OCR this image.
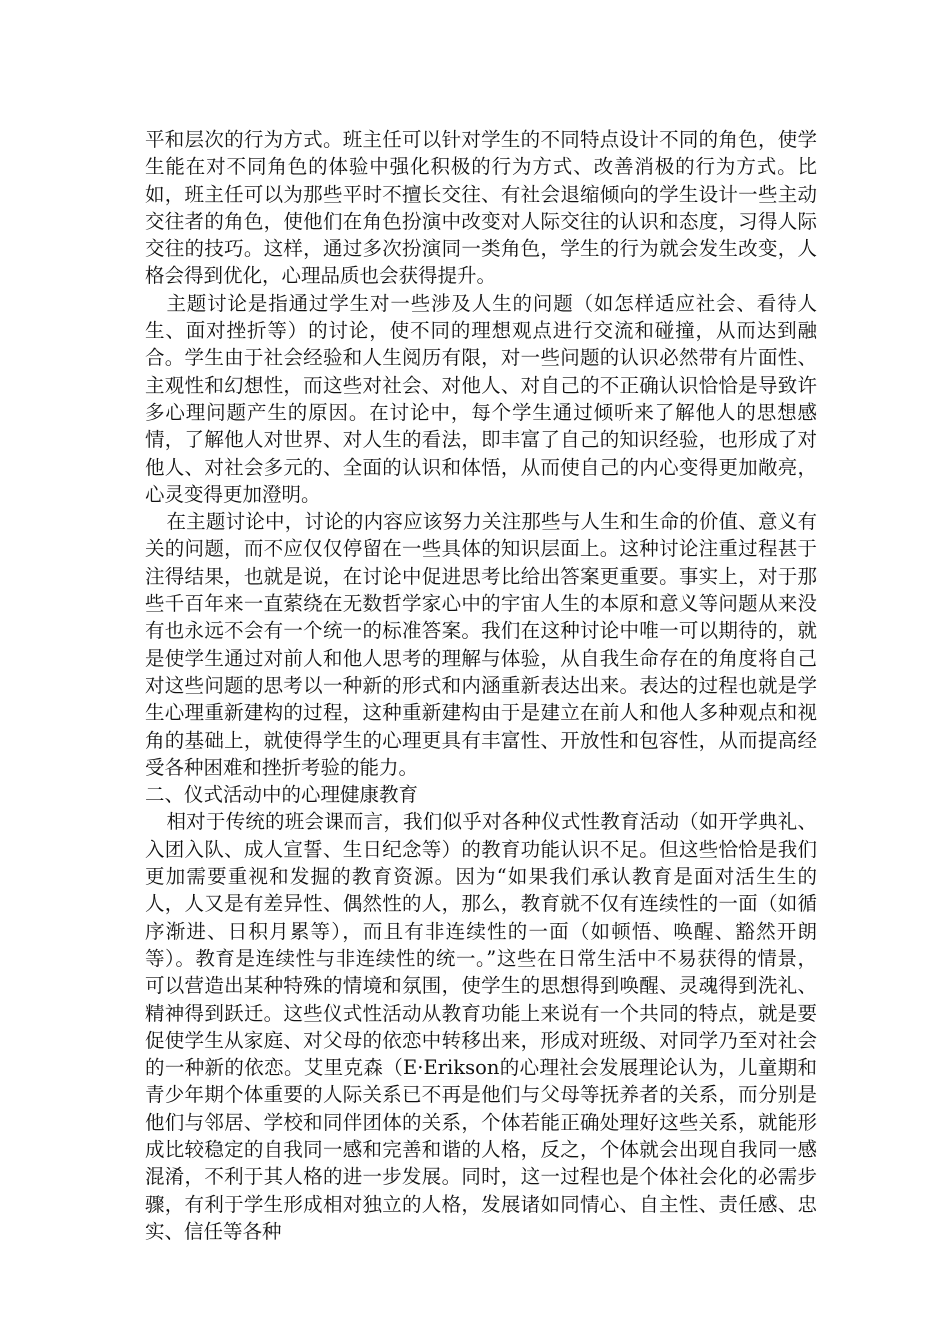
平和层次的行为方式。班主任可以针对学生的不同特点设计不同的角色，使学生能在对不同角色的体验中强化积极的行为方式、改善消极的行为方式。比如，班主任可以为那些平时不擅长交往、有社会退缩倾向的学生设计一些主动交往者的角色，使他们在角色扮演中改变对人际交往的认识和态度，习得人际交往的技巧。这样，通过多次扮演同一类角色，学生的行为就会发生改变，人格会得到优化，心理品质也会获得提升。

主题讨论是指通过学生对一些涉及人生的问题（如怎样适应社会、看待人生、面对挫折等）的讨论，使不同的理想观点进行交流和碰撞，从而达到融合。学生由于社会经验和人生阅历有限，对一些问题的认识必然带有片面性、主观性和幻想性，而这些对社会、对他人、对自己的不正确认识恰恰是导致许多心理问题产生的原因。在讨论中，每个学生通过倾听来了解他人的思想感情，了解他人对世界、对人生的看法，即丰富了自己的知识经验，也形成了对他人、对社会多元的、全面的认识和体悟，从而使自己的内心变得更加敞亮，心灵变得更加澄明。

在主题讨论中，讨论的内容应该努力关注那些与人生和生命的价值、意义有关的问题，而不应仅仅停留在一些具体的知识层面上。这种讨论注重过程甚于注得结果，也就是说，在讨论中促进思考比给出答案更重要。事实上，对于那些千百年来一直萦绕在无数哲学家心中的宇宙人生的本原和意义等问题从来没有也永远不会有一个统一的标准答案。我们在这种讨论中唯一可以期待的，就是使学生通过对前人和他人思考的理解与体验，从自我生命存在的角度将自己对这些问题的思考以一种新的形式和内涵重新表达出来。表达的过程也就是学生心理重新建构的过程，这种重新建构由于是建立在前人和他人多种观点和视角的基础上，就使得学生的心理更具有丰富性、开放性和包容性，从而提高经受各种困难和挫折考验的能力。

二、仪式活动中的心理健康教育

相对于传统的班会课而言，我们似乎对各种仪式性教育活动（如开学典礼、入团入队、成人宣誓、生日纪念等）的教育功能认识不足。但这些恰恰是我们更加需要重视和发掘的教育资源。因为“如果我们承认教育是面对活生生的人，人又是有差异性、偶然性的人，那么，教育就不仅有连续性的一面（如循序渐进、日积月累等），而且有非连续性的一面（如顿悟、唤醒、豁然开朗等）。教育是连续性与非连续性的统一。”这些在日常生活中不易获得的情景，可以营造出某种特殊的情境和氛围，使学生的思想得到唤醒、灵魂得到洗礼、精神得到跃迁。这些仪式性活动从教育功能上来说有一个共同的特点，就是要促使学生从家庭、对父母的依恋中转移出来，形成对班级、对同学乃至对社会的一种新的依恋。艾里克森（E·Erikson的心理社会发展理论认为，儿童期和青少年期个体重要的人际关系已不再是他们与父母等抚养者的关系，而分别是他们与邻居、学校和同伴团体的关系，个体若能正确处理好这些关系，就能形成比较稳定的自我同一感和完善和谐的人格，反之，个体就会出现自我同一感混淆，不利于其人格的进一步发展。同时，这一过程也是个体社会化的必需步骤，有利于学生形成相对独立的人格，发展诸如同情心、自主性、责任感、忠实、信任等各种
